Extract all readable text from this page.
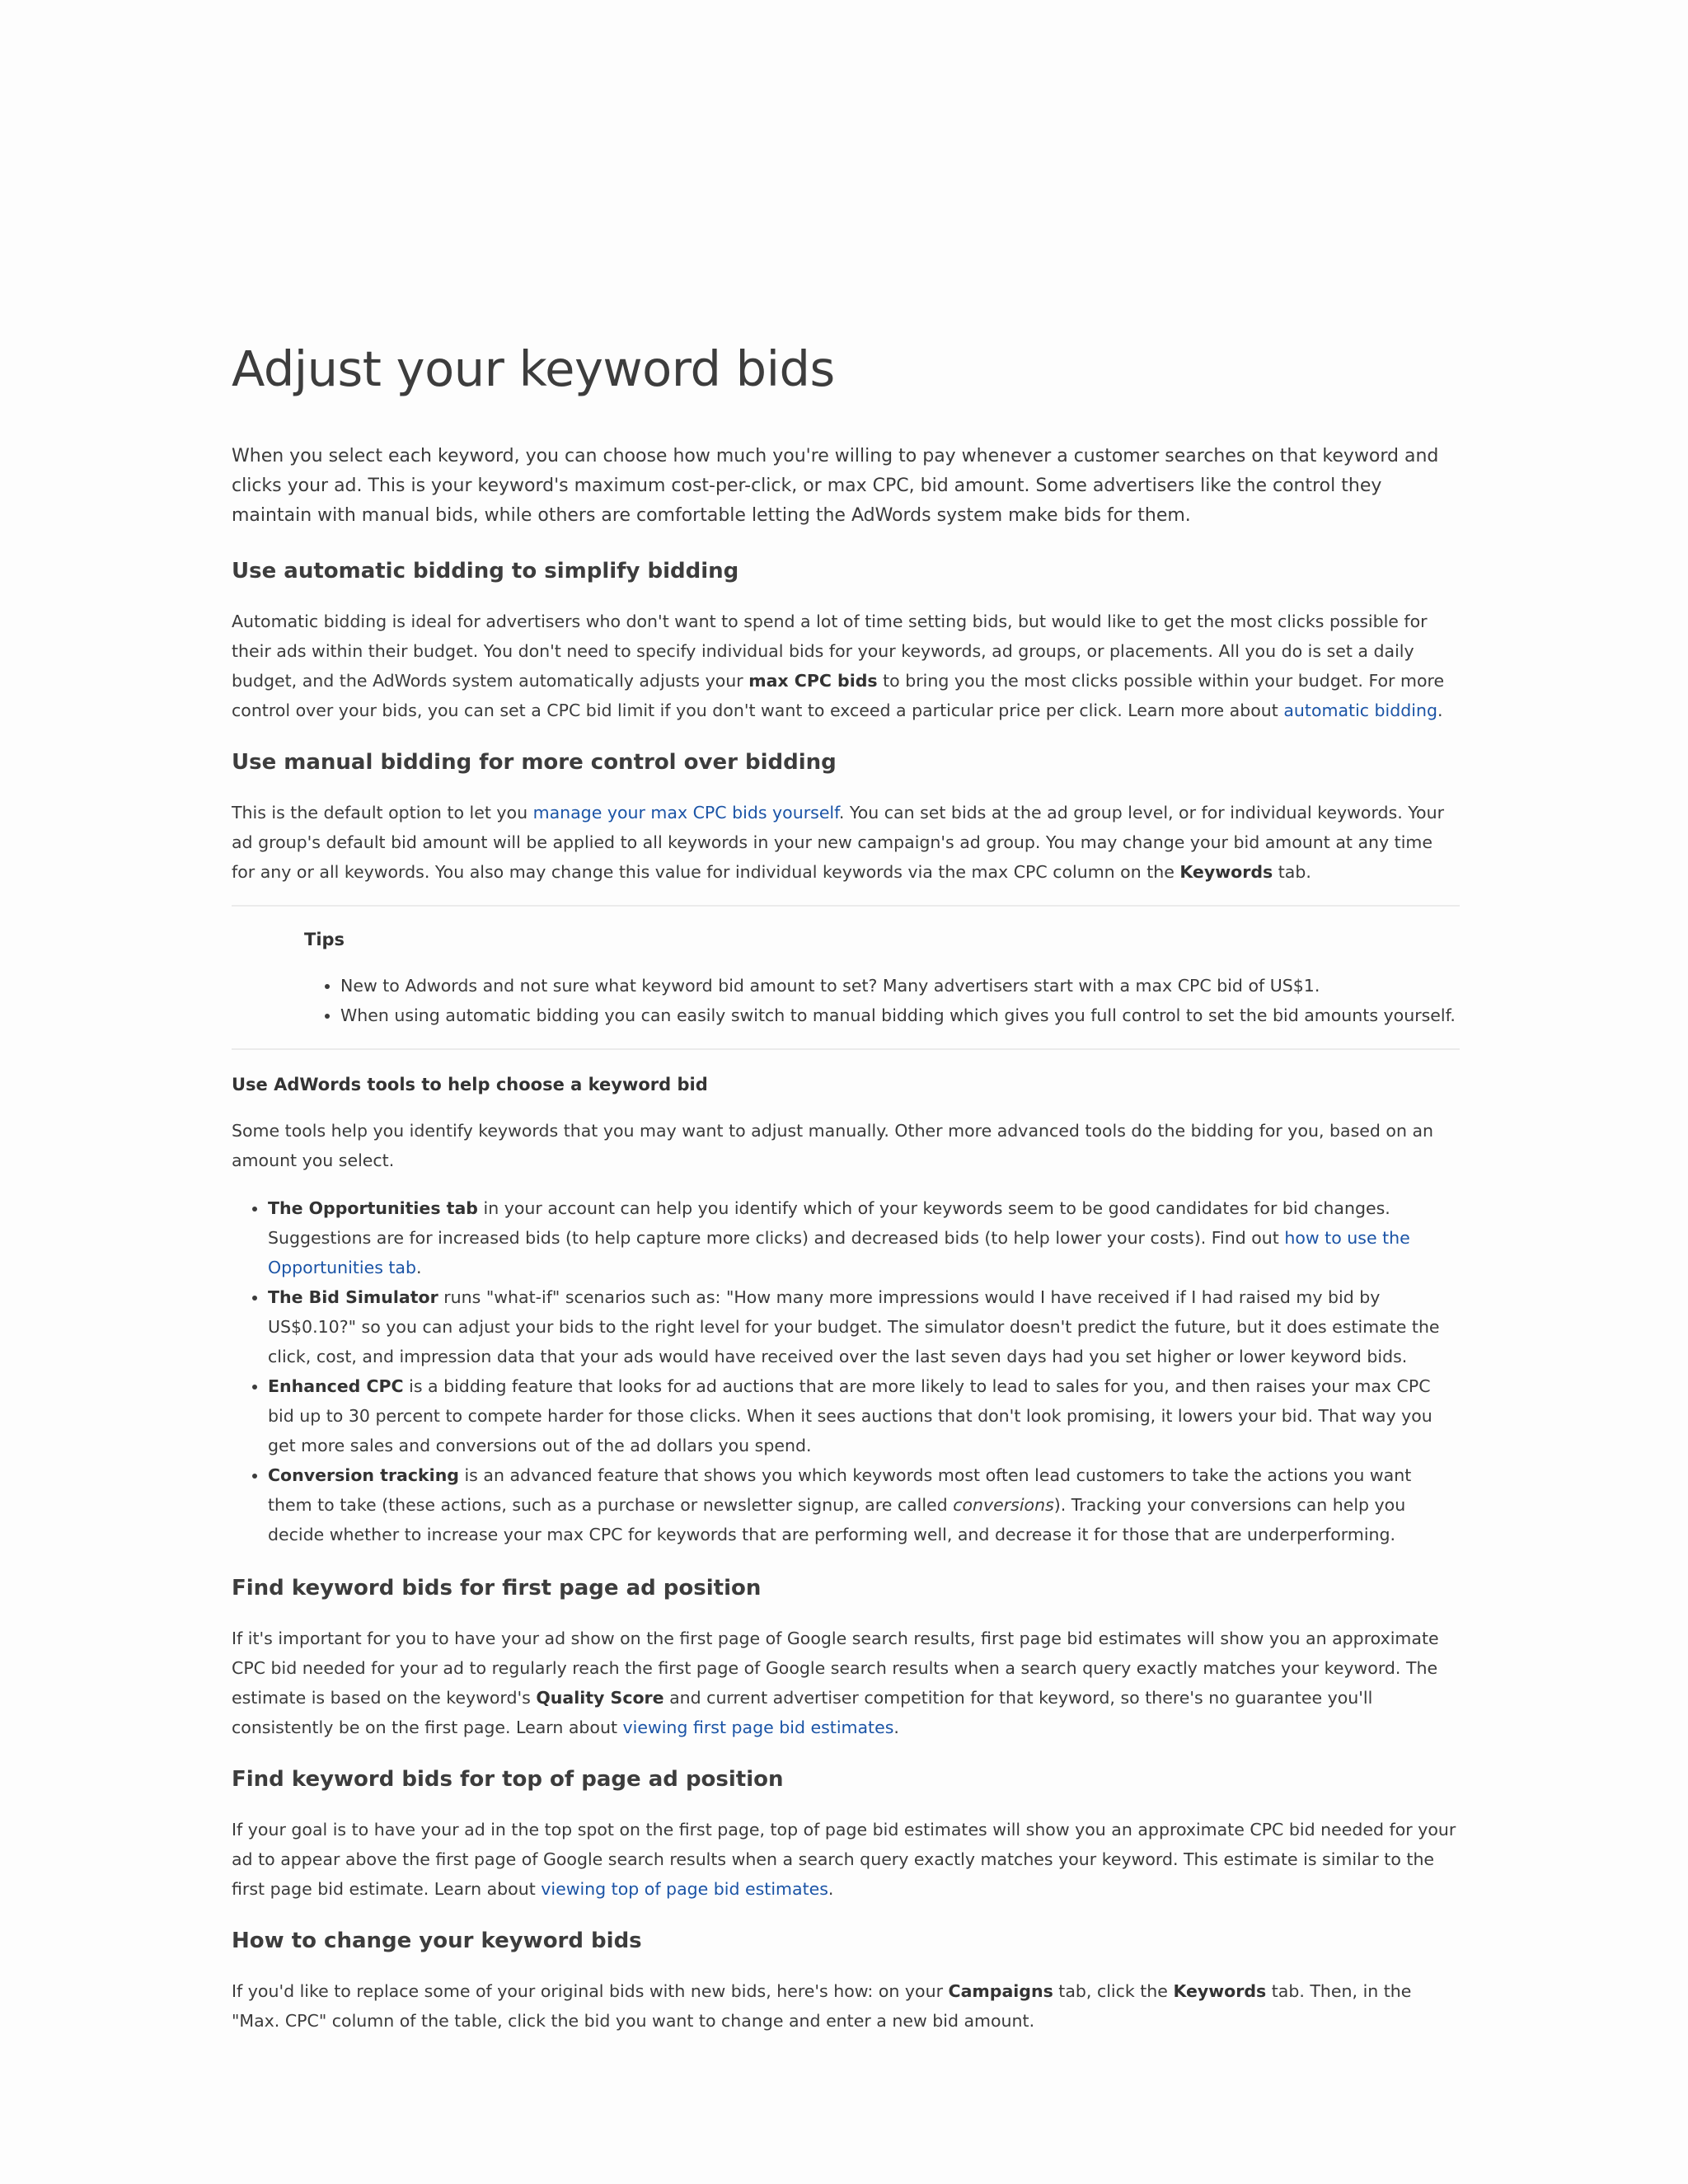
Adjust your keyword bids

When you select each keyword, you can choose how much you're willing to pay whenever a customer searches on that keyword and clicks your ad. This is your keyword's maximum cost-per-click, or max CPC, bid amount. Some advertisers like the control they maintain with manual bids, while others are comfortable letting the AdWords system make bids for them.

Use automatic bidding to simplify bidding

Automatic bidding is ideal for advertisers who don't want to spend a lot of time setting bids, but would like to get the most clicks possible for their ads within their budget. You don't need to specify individual bids for your keywords, ad groups, or placements. All you do is set a daily budget, and the AdWords system automatically adjusts your max CPC bids to bring you the most clicks possible within your budget. For more control over your bids, you can set a CPC bid limit if you don't want to exceed a particular price per click. Learn more about automatic bidding.

Use manual bidding for more control over bidding

This is the default option to let you manage your max CPC bids yourself. You can set bids at the ad group level, or for individual keywords. Your ad group's default bid amount will be applied to all keywords in your new campaign's ad group. You may change your bid amount at any time for any or all keywords. You also may change this value for individual keywords via the max CPC column on the Keywords tab.

Tips
• New to Adwords and not sure what keyword bid amount to set? Many advertisers start with a max CPC bid of US$1.
• When using automatic bidding you can easily switch to manual bidding which gives you full control to set the bid amounts yourself.
Use AdWords tools to help choose a keyword bid

Some tools help you identify keywords that you may want to adjust manually. Other more advanced tools do the bidding for you, based on an amount you select.

• The Opportunities tab in your account can help you identify which of your keywords seem to be good candidates for bid changes. Suggestions are for increased bids (to help capture more clicks) and decreased bids (to help lower your costs). Find out how to use the Opportunities tab.
• The Bid Simulator runs "what-if" scenarios such as: "How many more impressions would I have received if I had raised my bid by US$0.10?" so you can adjust your bids to the right level for your budget. The simulator doesn't predict the future, but it does estimate the click, cost, and impression data that your ads would have received over the last seven days had you set higher or lower keyword bids.
• Enhanced CPC is a bidding feature that looks for ad auctions that are more likely to lead to sales for you, and then raises your max CPC bid up to 30 percent to compete harder for those clicks. When it sees auctions that don't look promising, it lowers your bid. That way you get more sales and conversions out of the ad dollars you spend.
• Conversion tracking is an advanced feature that shows you which keywords most often lead customers to take the actions you want them to take (these actions, such as a purchase or newsletter signup, are called conversions). Tracking your conversions can help you decide whether to increase your max CPC for keywords that are performing well, and decrease it for those that are underperforming.
Find keyword bids for first page ad position

If it's important for you to have your ad show on the first page of Google search results, first page bid estimates will show you an approximate CPC bid needed for your ad to regularly reach the first page of Google search results when a search query exactly matches your keyword. The estimate is based on the keyword's Quality Score and current advertiser competition for that keyword, so there's no guarantee you'll consistently be on the first page. Learn about viewing first page bid estimates.

Find keyword bids for top of page ad position

If your goal is to have your ad in the top spot on the first page, top of page bid estimates will show you an approximate CPC bid needed for your ad to appear above the first page of Google search results when a search query exactly matches your keyword. This estimate is similar to the first page bid estimate. Learn about viewing top of page bid estimates.

How to change your keyword bids

If you'd like to replace some of your original bids with new bids, here's how: on your Campaigns tab, click the Keywords tab. Then, in the "Max. CPC" column of the table, click the bid you want to change and enter a new bid amount.
